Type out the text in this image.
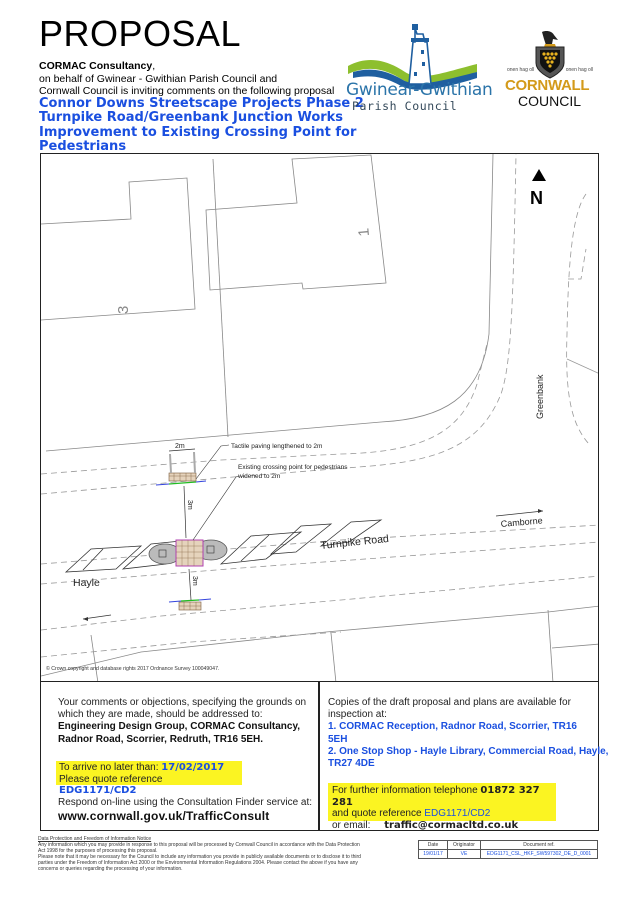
PROPOSAL
CORMAC Consultancy,
on behalf of Gwinear - Gwithian Parish Council and
Cornwall Council is inviting comments on the following proposal
Connor Downs Streetscape Projects Phase 2
Turnpike Road/Greenbank Junction Works
Improvement to Existing Crossing Point for
Pedestrians
Gwinear-Gwithian
Parish Council
onen hag oll	onen hag oll
CORNWALL
COUNCIL
3
1
N
Greenbank
Turnpike Road
Camborne
Hayle
2m
3m
3m
Tactile paving lengthened to 2m
Existing crossing point for pedestrians
widened to 2m
© Crown copyright and database rights 2017 Ordnance Survey 100049047.
Your comments or objections, specifying the grounds on
which they are made, should be addressed to:
Engineering Design Group, CORMAC Consultancy,
Radnor Road, Scorrier, Redruth, TR16 5EH.
To arrive no later than: 17/02/2017
Please quote reference EDG1171/CD2
Respond on-line using the Consultation Finder service at:
www.cornwall.gov.uk/TrafficConsult
Copies of the draft proposal and plans are available for
inspection at:
1. CORMAC Reception, Radnor Road, Scorrier, TR16 5EH
2. One Stop Shop - Hayle Library, Commercial Road, Hayle,
TR27 4DE
For further information telephone 01872 327 281
and quote reference EDG1171/CD2
or email: traffic@cormacltd.co.uk
Data Protection and Freedom of Information Notice
Any information which you may provide in response to this proposal will be processed by Cornwall Council in accordance with the Data Protection Act 1998 for the purposes of processing this proposal.
Please note that it may be necessary for the Council to include any information you provide in publicly available documents or to disclose it to third parties under the Freedom of Information Act 2000 or the Environmental Information Regulations 2004. Please contact the above if you have any concerns or queries regarding the processing of your information.
Date	Originator	Document ref.
19/01/17	VE	EDG1171_CSL_HKF_SW597302_DE_D_0001
